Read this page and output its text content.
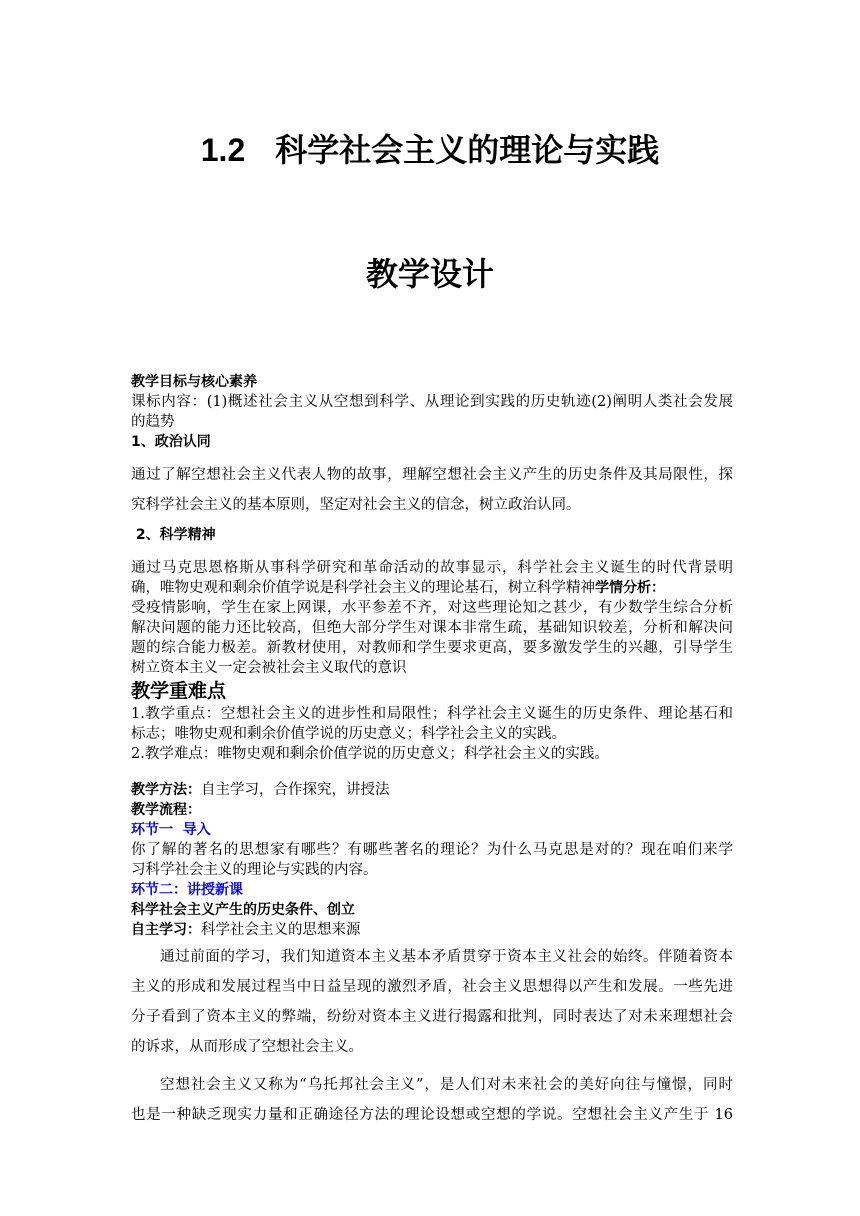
1.2 科学社会主义的理论与实践
教学设计
教学目标与核心素养
课标内容：(1)概述社会主义从空想到科学、从理论到实践的历史轨迹(2)阐明人类社会发展
的趋势
1、政治认同
通过了解空想社会主义代表人物的故事，理解空想社会主义产生的历史条件及其局限性，探
究科学社会主义的基本原则，坚定对社会主义的信念，树立政治认同。
2、科学精神
通过马克思恩格斯从事科学研究和革命活动的故事显示，科学社会主义诞生的时代背景明
确，唯物史观和剩余价值学说是科学社会主义的理论基石，树立科学精神学情分析：
受疫情影响，学生在家上网课，水平参差不齐，对这些理论知之甚少，有少数学生综合分析
解决问题的能力还比较高，但绝大部分学生对课本非常生疏，基础知识较差，分析和解决问
题的综合能力极差。新教材使用，对教师和学生要求更高，要多激发学生的兴趣，引导学生
树立资本主义一定会被社会主义取代的意识
教学重难点
1.教学重点：空想社会主义的进步性和局限性；科学社会主义诞生的历史条件、理论基石和
标志；唯物史观和剩余价值学说的历史意义；科学社会主义的实践。
2.教学难点：唯物史观和剩余价值学说的历史意义；科学社会主义的实践。
教学方法：自主学习，合作探究，讲授法
教学流程：
环节一  导入
你了解的著名的思想家有哪些？有哪些著名的理论？为什么马克思是对的？现在咱们来学
习科学社会主义的理论与实践的内容。
环节二：讲授新课
科学社会主义产生的历史条件、创立
自主学习：科学社会主义的思想来源
通过前面的学习，我们知道资本主义基本矛盾贯穿于资本主义社会的始终。伴随着资本
主义的形成和发展过程当中日益呈现的激烈矛盾，社会主义思想得以产生和发展。一些先进
分子看到了资本主义的弊端，纷纷对资本主义进行揭露和批判，同时表达了对未来理想社会
的诉求，从而形成了空想社会主义。
空想社会主义又称为“乌托邦社会主义”，是人们对未来社会的美好向往与憧憬，同时
也是一种缺乏现实力量和正确途径方法的理论设想或空想的学说。空想社会主义产生于 16
